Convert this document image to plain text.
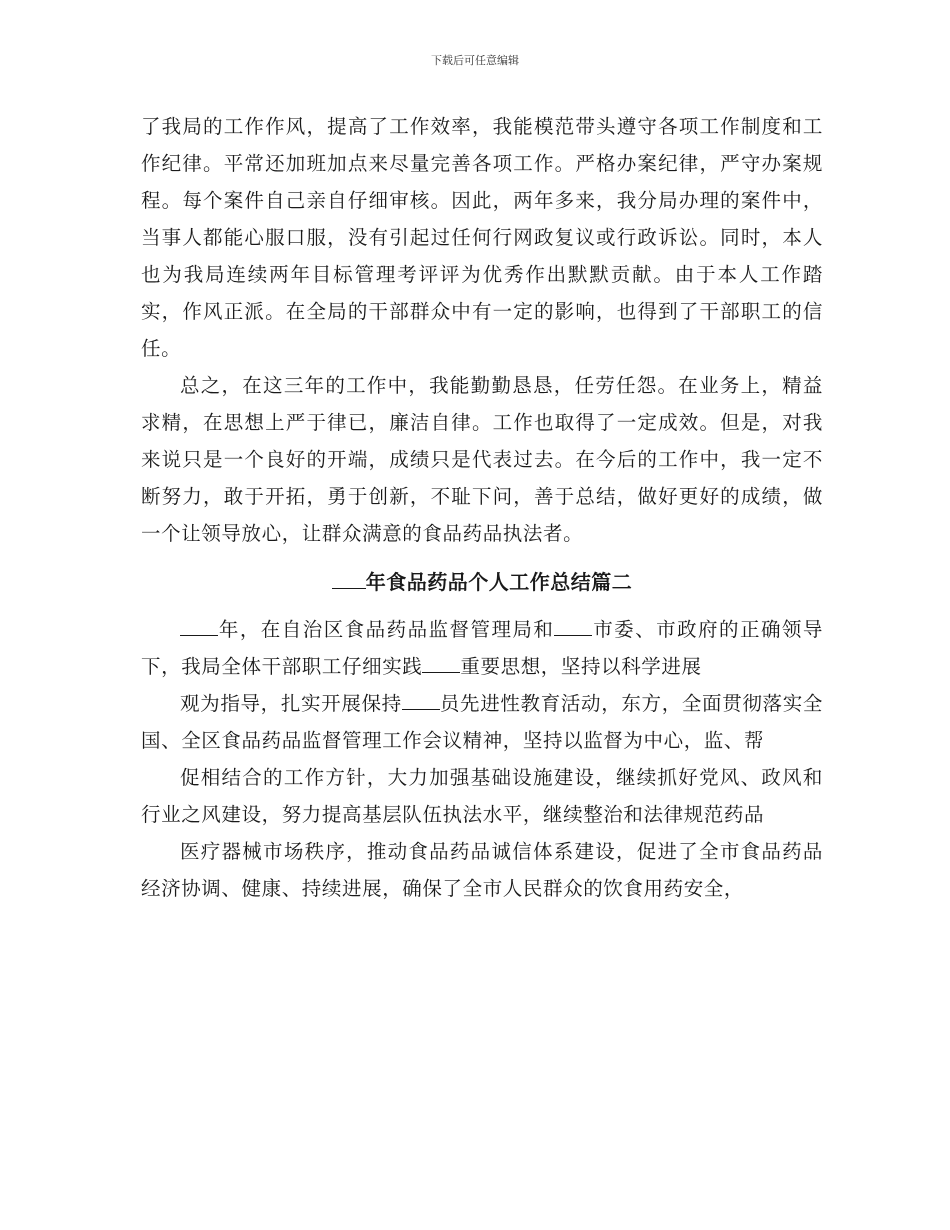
下载后可任意编辑

了我局的工作作风，提高了工作效率，我能模范带头遵守各项工作制度和工作纪律。平常还加班加点来尽量完善各项工作。严格办案纪律，严守办案规程。每个案件自己亲自仔细审核。因此，两年多来，我分局办理的案件中，当事人都能心服口服，没有引起过任何行网政复议或行政诉讼。同时，本人也为我局连续两年目标管理考评评为优秀作出默默贡献。由于本人工作踏实，作风正派。在全局的干部群众中有一定的影响，也得到了干部职工的信任。

总之，在这三年的工作中，我能勤勤恳恳，任劳任怨。在业务上，精益求精，在思想上严于律已，廉洁自律。工作也取得了一定成效。但是，对我来说只是一个良好的开端，成绩只是代表过去。在今后的工作中，我一定不断努力，敢于开拓，勇于创新，不耻下问，善于总结，做好更好的成绩，做一个让领导放心，让群众满意的食品药品执法者。

年食品药品个人工作总结篇二

年，在自治区食品药品监督管理局和 市委、市政府的正确领导下，我局全体干部职工仔细实践 重要思想，坚持以科学进展

观为指导，扎实开展保持 员先进性教育活动，东方，全面贯彻落实全国、全区食品药品监督管理工作会议精神，坚持以监督为中心，监、帮

促相结合的工作方针，大力加强基础设施建设，继续抓好党风、政风和行业之风建设，努力提高基层队伍执法水平，继续整治和法律规范药品

医疗器械市场秩序，推动食品药品诚信体系建设，促进了全市食品药品经济协调、健康、持续进展，确保了全市人民群众的饮食用药安全，
